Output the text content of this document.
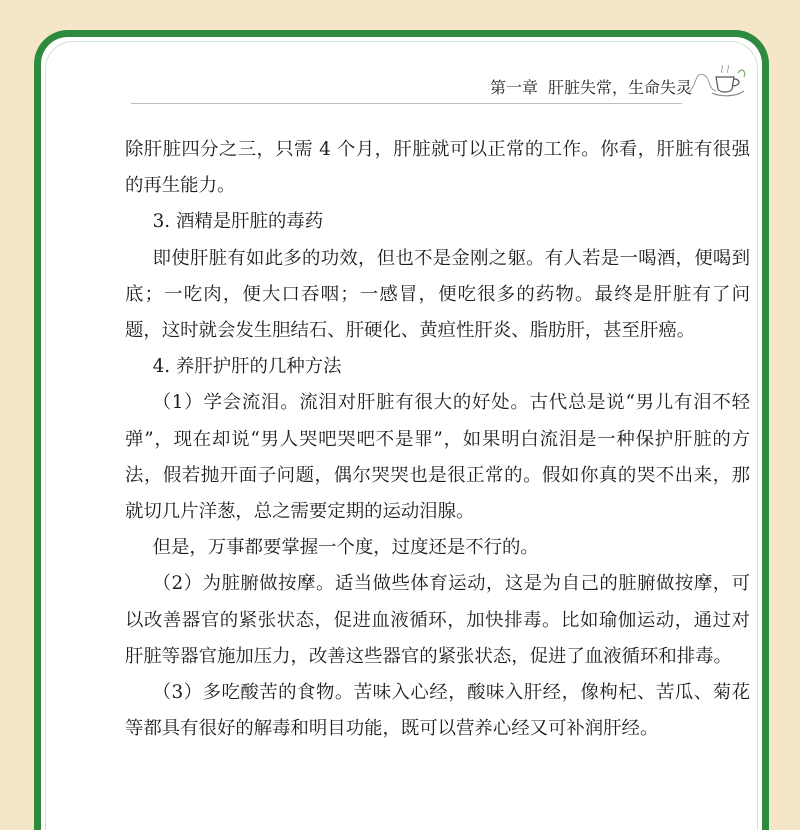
第一章 肝脏失常，生命失灵

除肝脏四分之三，只需 4 个月，肝脏就可以正常的工作。你看，肝脏有很强的再生能力。

3. 酒精是肝脏的毒药

即使肝脏有如此多的功效，但也不是金刚之躯。有人若是一喝酒，便喝到底；一吃肉，便大口吞咽；一感冒，便吃很多的药物。最终是肝脏有了问题，这时就会发生胆结石、肝硬化、黄疸性肝炎、脂肪肝，甚至肝癌。

4. 养肝护肝的几种方法

（1）学会流泪。流泪对肝脏有很大的好处。古代总是说“男儿有泪不轻弹”，现在却说“男人哭吧哭吧不是罪”，如果明白流泪是一种保护肝脏的方法，假若抛开面子问题，偶尔哭哭也是很正常的。假如你真的哭不出来，那就切几片洋葱，总之需要定期的运动泪腺。

但是，万事都要掌握一个度，过度还是不行的。

（2）为脏腑做按摩。适当做些体育运动，这是为自己的脏腑做按摩，可以改善器官的紧张状态，促进血液循环，加快排毒。比如瑜伽运动，通过对肝脏等器官施加压力，改善这些器官的紧张状态，促进了血液循环和排毒。

（3）多吃酸苦的食物。苦味入心经，酸味入肝经，像枸杞、苦瓜、菊花等都具有很好的解毒和明目功能，既可以营养心经又可补润肝经。
